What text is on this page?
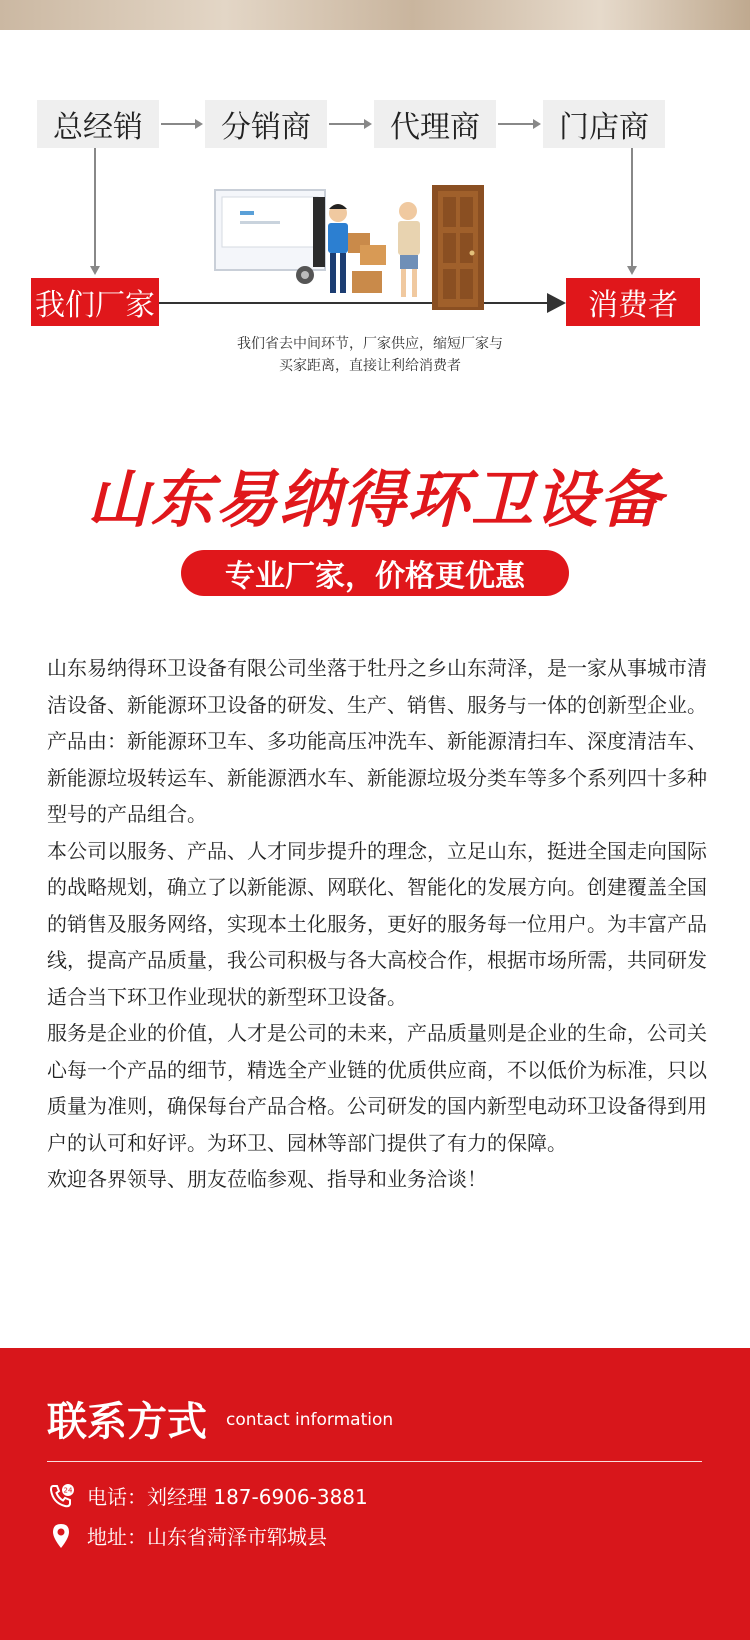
总经销	分销商	代理商	门店商
我们厂家	消费者
我们省去中间环节，厂家供应，缩短厂家与
买家距离，直接让利给消费者
山东易纳得环卫设备
专业厂家，价格更优惠

山东易纳得环卫设备有限公司坐落于牡丹之乡山东菏泽，是一家从事城市清洁设备、新能源环卫设备的研发、生产、销售、服务与一体的创新型企业。产品由：新能源环卫车、多功能高压冲洗车、新能源清扫车、深度清洁车、新能源垃圾转运车、新能源洒水车、新能源垃圾分类车等多个系列四十多种型号的产品组合。

本公司以服务、产品、人才同步提升的理念，立足山东，挺进全国走向国际的战略规划，确立了以新能源、网联化、智能化的发展方向。创建覆盖全国的销售及服务网络，实现本土化服务，更好的服务每一位用户。为丰富产品线，提高产品质量，我公司积极与各大高校合作，根据市场所需，共同研发适合当下环卫作业现状的新型环卫设备。

服务是企业的价值，人才是公司的未来，产品质量则是企业的生命，公司关心每一个产品的细节，精选全产业链的优质供应商，不以低价为标准，只以质量为准则，确保每台产品合格。公司研发的国内新型电动环卫设备得到用户的认可和好评。为环卫、园林等部门提供了有力的保障。

欢迎各界领导、朋友莅临参观、指导和业务洽谈！

联系方式 contact information
24 电话：刘经理 187-6906-3881
地址：山东省菏泽市郓城县
